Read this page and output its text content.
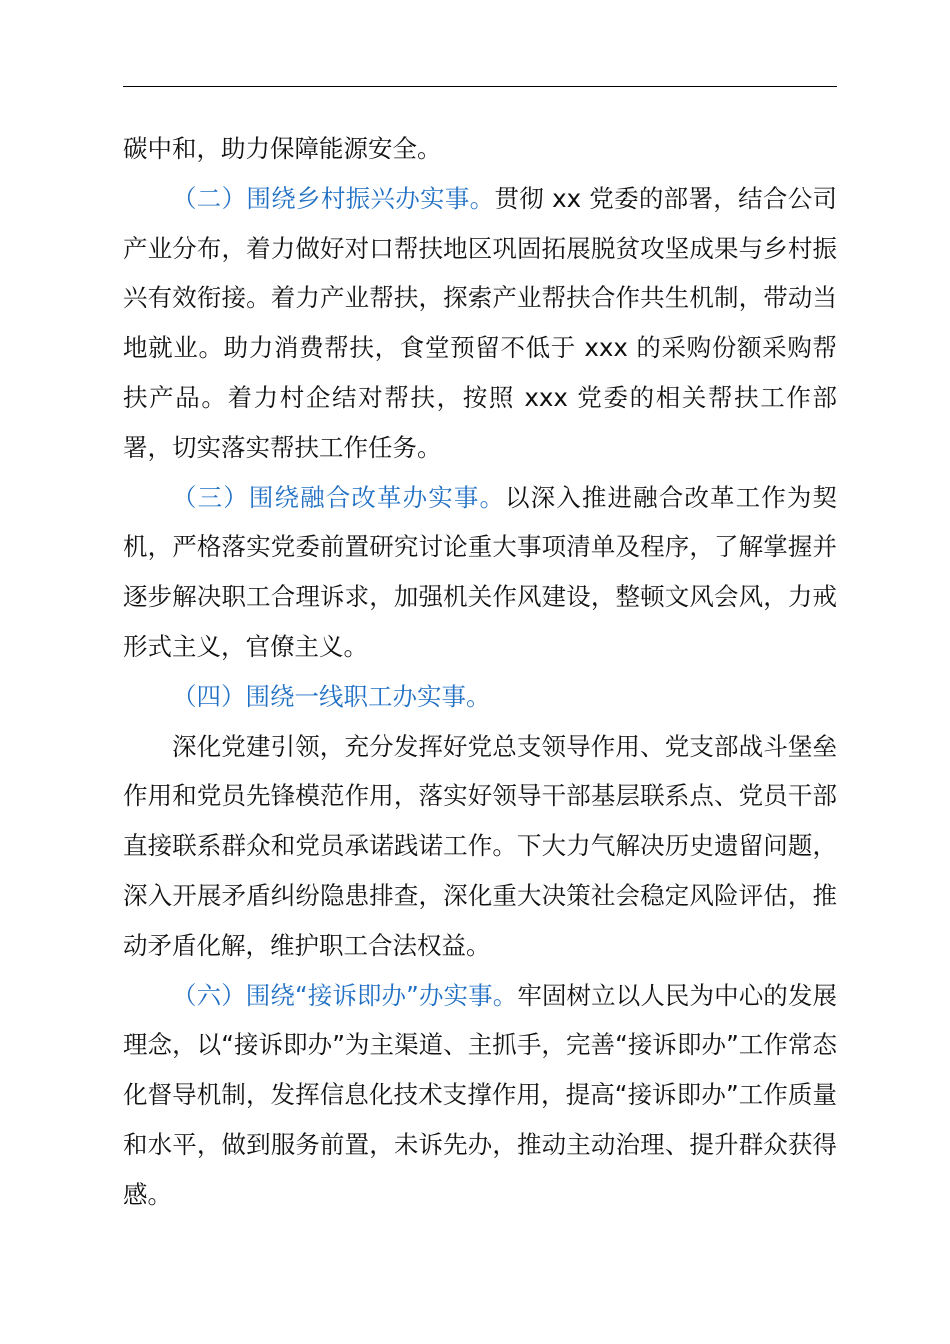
碳中和，助力保障能源安全。

（二）围绕乡村振兴办实事。贯彻 xx 党委的部署，结合公司产业分布，着力做好对口帮扶地区巩固拓展脱贫攻坚成果与乡村振兴有效衔接。着力产业帮扶，探索产业帮扶合作共生机制，带动当地就业。助力消费帮扶，食堂预留不低于 xxx 的采购份额采购帮扶产品。着力村企结对帮扶，按照 xxx 党委的相关帮扶工作部署，切实落实帮扶工作任务。

（三）围绕融合改革办实事。以深入推进融合改革工作为契机，严格落实党委前置研究讨论重大事项清单及程序，了解掌握并逐步解决职工合理诉求，加强机关作风建设，整顿文风会风，力戒形式主义，官僚主义。

（四）围绕一线职工办实事。

深化党建引领，充分发挥好党总支领导作用、党支部战斗堡垒作用和党员先锋模范作用，落实好领导干部基层联系点、党员干部直接联系群众和党员承诺践诺工作。下大力气解决历史遗留问题，深入开展矛盾纠纷隐患排查，深化重大决策社会稳定风险评估，推动矛盾化解，维护职工合法权益。

（六）围绕“接诉即办”办实事。牢固树立以人民为中心的发展理念，以“接诉即办”为主渠道、主抓手，完善“接诉即办”工作常态化督导机制，发挥信息化技术支撑作用，提高“接诉即办”工作质量和水平，做到服务前置，未诉先办，推动主动治理、提升群众获得感。
